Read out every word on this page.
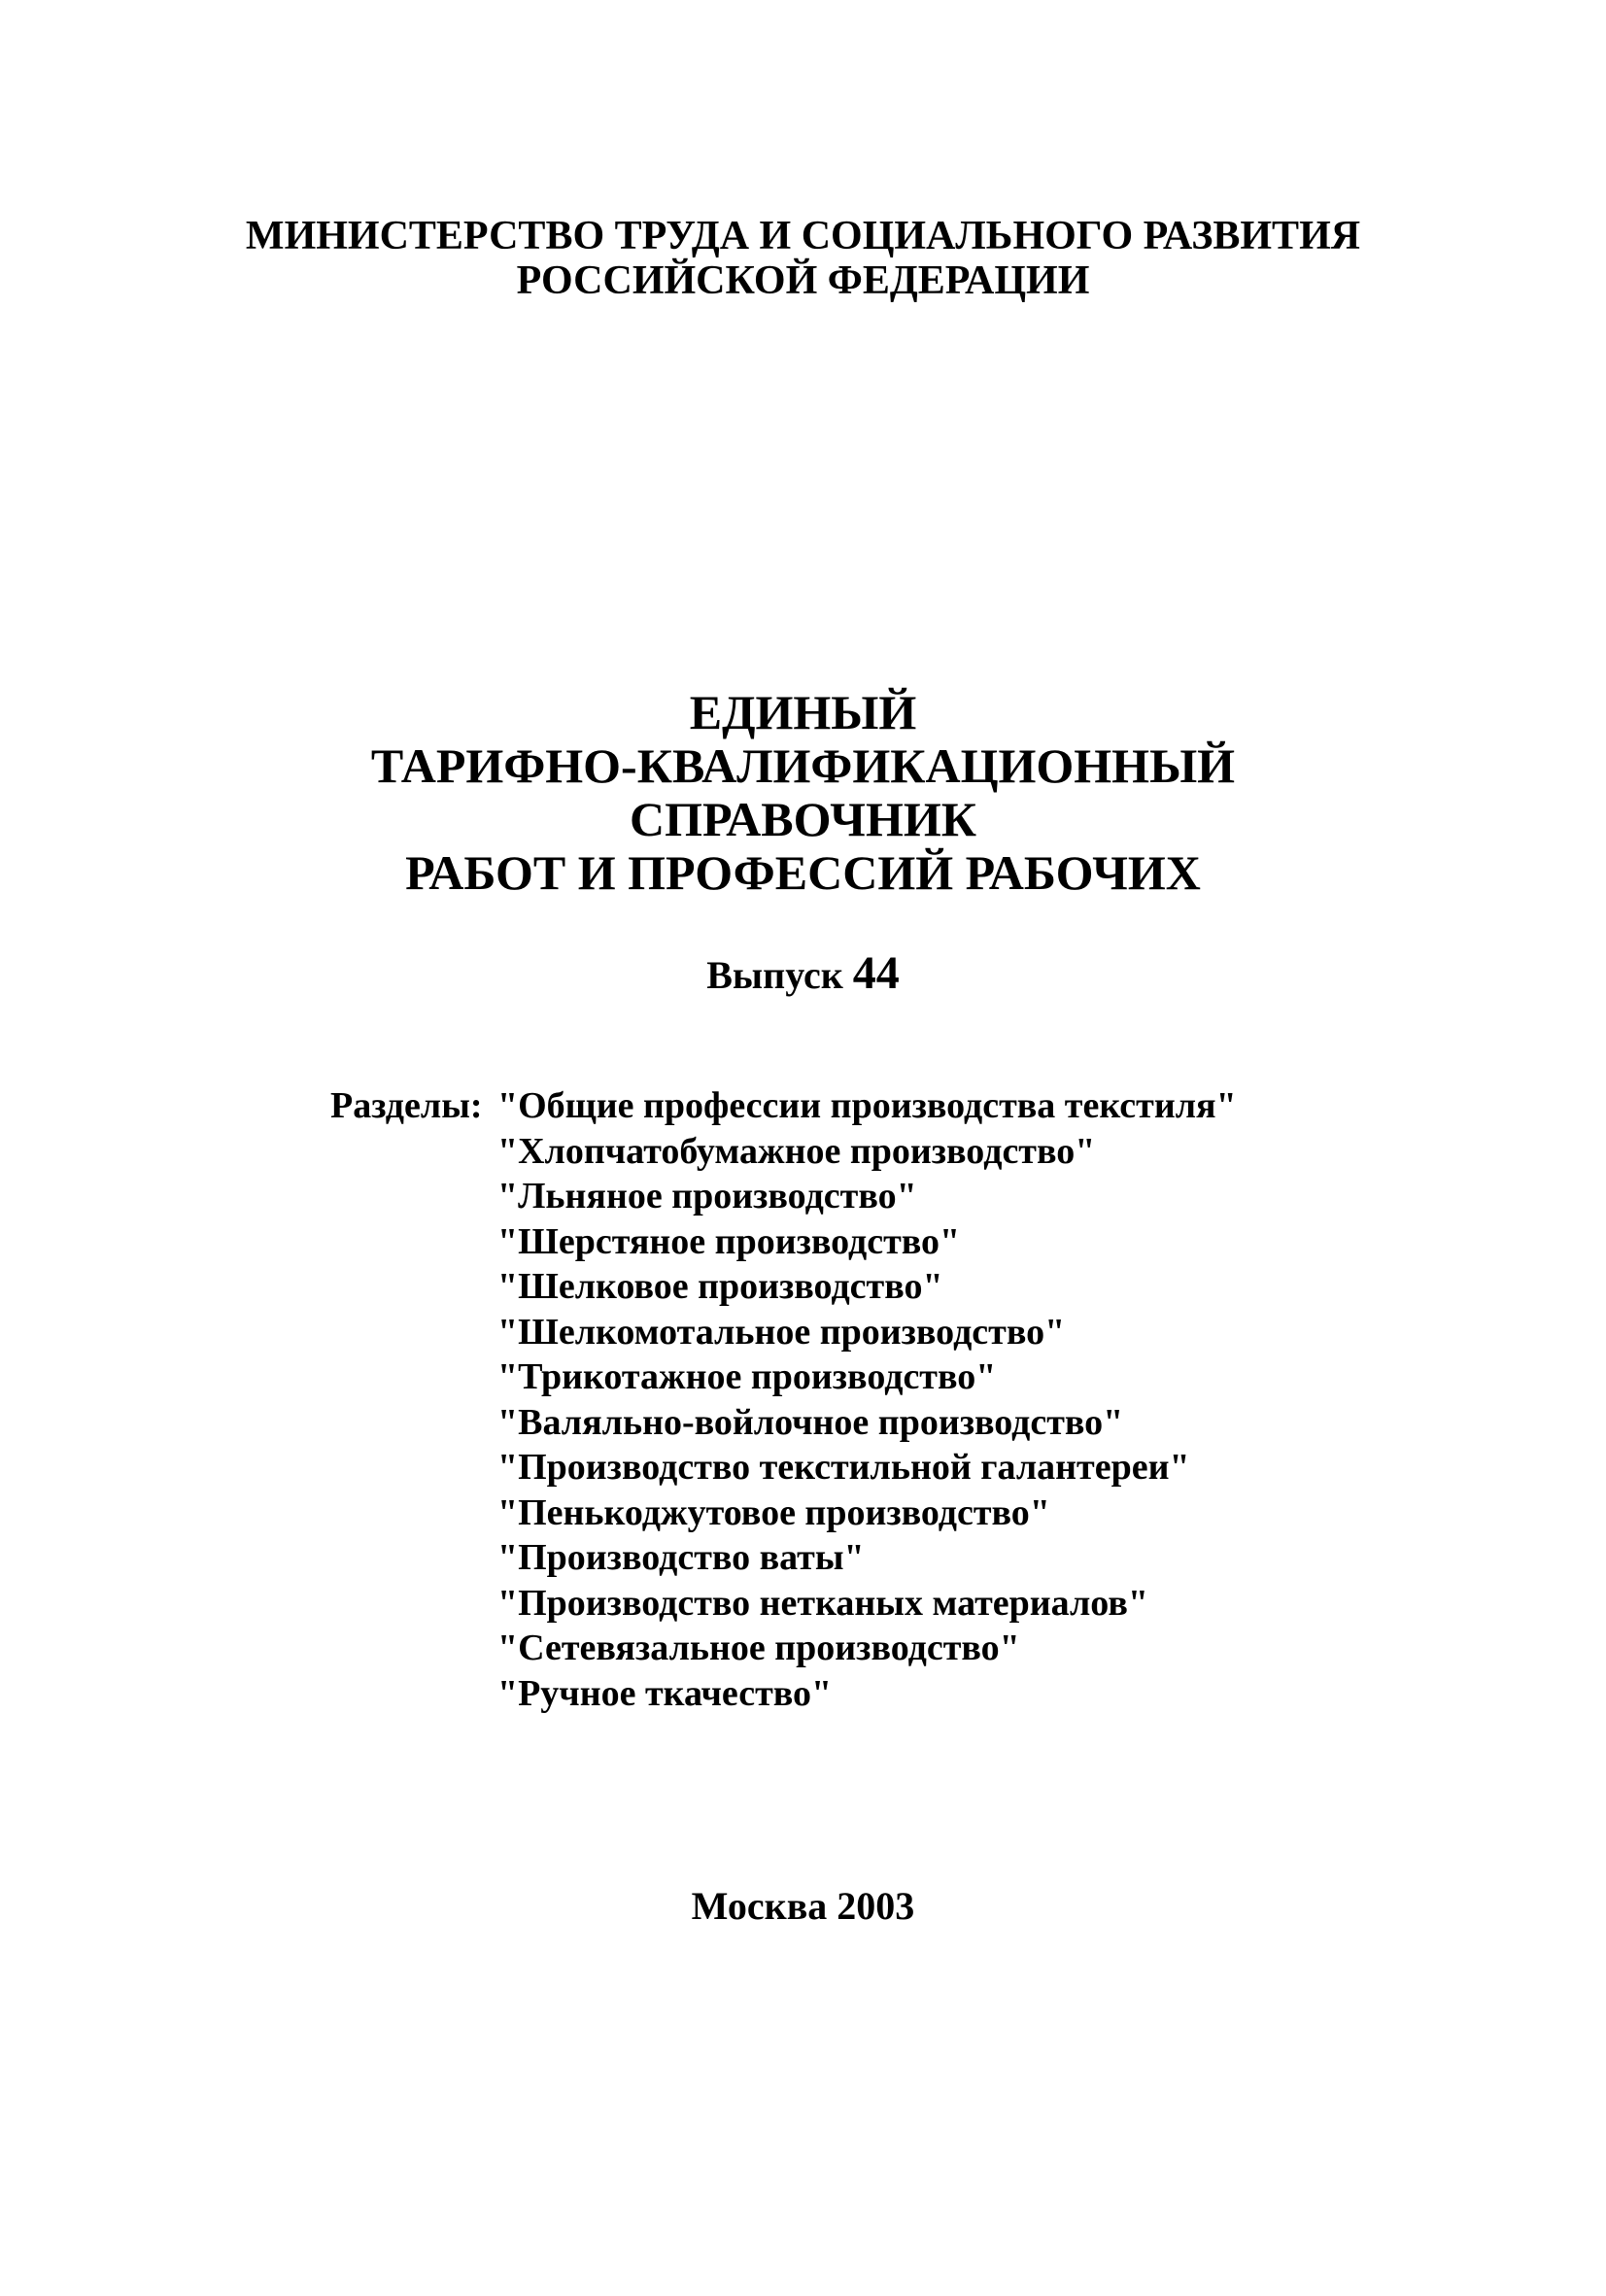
МИНИСТЕРСТВО ТРУДА И СОЦИАЛЬНОГО РАЗВИТИЯ
РОССИЙСКОЙ ФЕДЕРАЦИИ
ЕДИНЫЙ
ТАРИФНО-КВАЛИФИКАЦИОННЫЙ
СПРАВОЧНИК
РАБОТ И ПРОФЕССИЙ РАБОЧИХ
Выпуск 44
Разделы: "Общие профессии производства текстиля"
"Хлопчатобумажное производство"
"Льняное производство"
"Шерстяное производство"
"Шелковое производство"
"Шелкомотальное производство"
"Трикотажное производство"
"Валяльно-войлочное производство"
"Производство текстильной галантереи"
"Пенькоджутовое производство"
"Производство ваты"
"Производство нетканых материалов"
"Сетевязальное производство"
"Ручное ткачество"
Москва 2003
